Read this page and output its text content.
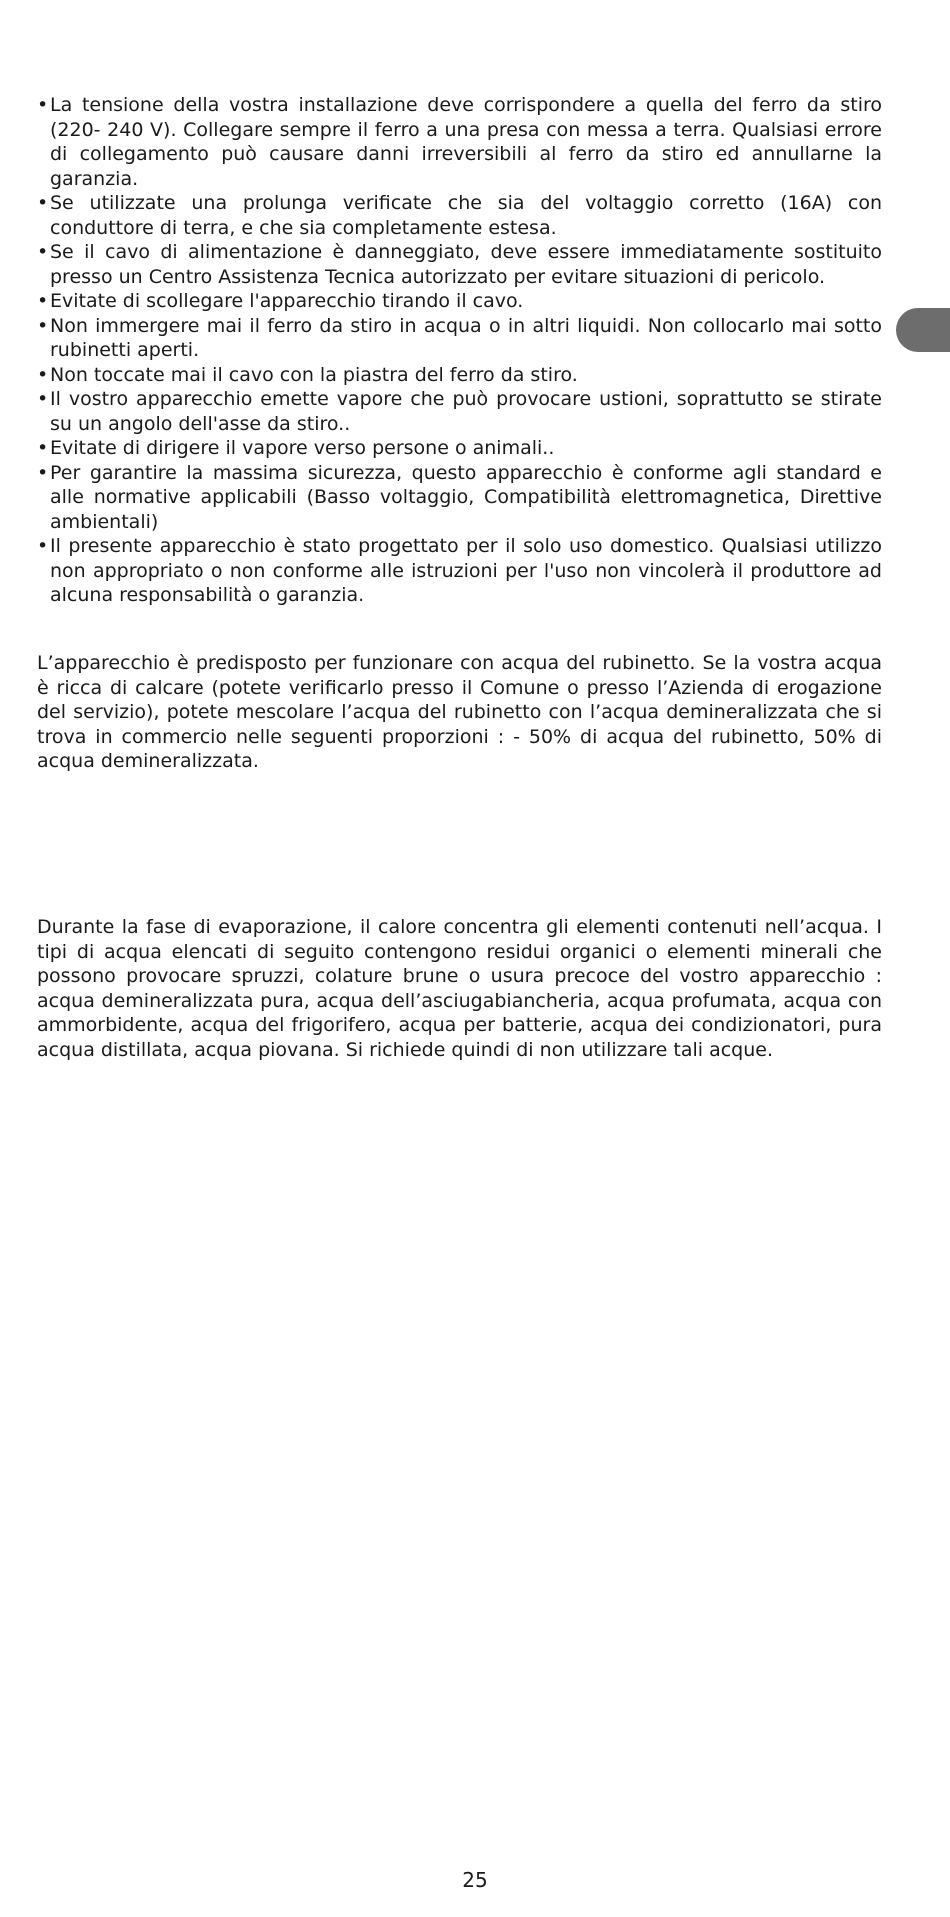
• La tensione della vostra installazione deve corrispondere a quella del ferro da stiro (220- 240 V). Collegare sempre il ferro a una presa con messa a terra. Qualsiasi errore di collegamento può causare danni irreversibili al ferro da stiro ed annullarne la garanzia.
• Se utilizzate una prolunga verificate che sia del voltaggio corretto (16A) con conduttore di terra, e che sia completamente estesa.
• Se il cavo di alimentazione è danneggiato, deve essere immediatamente sostituito presso un Centro Assistenza Tecnica autorizzato per evitare situazioni di pericolo.
• Evitate di scollegare l'apparecchio tirando il cavo.
• Non immergere mai il ferro da stiro in acqua o in altri liquidi. Non collocarlo mai sotto rubinetti aperti.
• Non toccate mai il cavo con la piastra del ferro da stiro.
• Il vostro apparecchio emette vapore che può provocare ustioni, soprattutto se stirate su un angolo dell'asse da stiro..
• Evitate di dirigere il vapore verso persone o animali..
• Per garantire la massima sicurezza, questo apparecchio è conforme agli standard e alle normative applicabili (Basso voltaggio, Compatibilità elettromagnetica, Direttive ambientali)
• Il presente apparecchio è stato progettato per il solo uso domestico. Qualsiasi utilizzo non appropriato o non conforme alle istruzioni per l'uso non vincolerà il produttore ad alcuna responsabilità o garanzia.

L’apparecchio è predisposto per funzionare con acqua del rubinetto. Se la vostra acqua è ricca di calcare (potete verificarlo presso il Comune o presso l’Azienda di erogazione del servizio), potete mescolare l’acqua del rubinetto con l’acqua demineralizzata che si trova in commercio nelle seguenti proporzioni : - 50% di acqua del rubinetto, 50% di acqua demineralizzata.

Durante la fase di evaporazione, il calore concentra gli elementi contenuti nell’acqua. I tipi di acqua elencati di seguito contengono residui organici o elementi minerali che possono provocare spruzzi, colature brune o usura precoce del vostro apparecchio : acqua demineralizzata pura, acqua dell’asciugabiancheria, acqua profumata, acqua con ammorbidente, acqua del frigorifero, acqua per batterie, acqua dei condizionatori, pura acqua distillata, acqua piovana. Si richiede quindi di non utilizzare tali acque.

25
